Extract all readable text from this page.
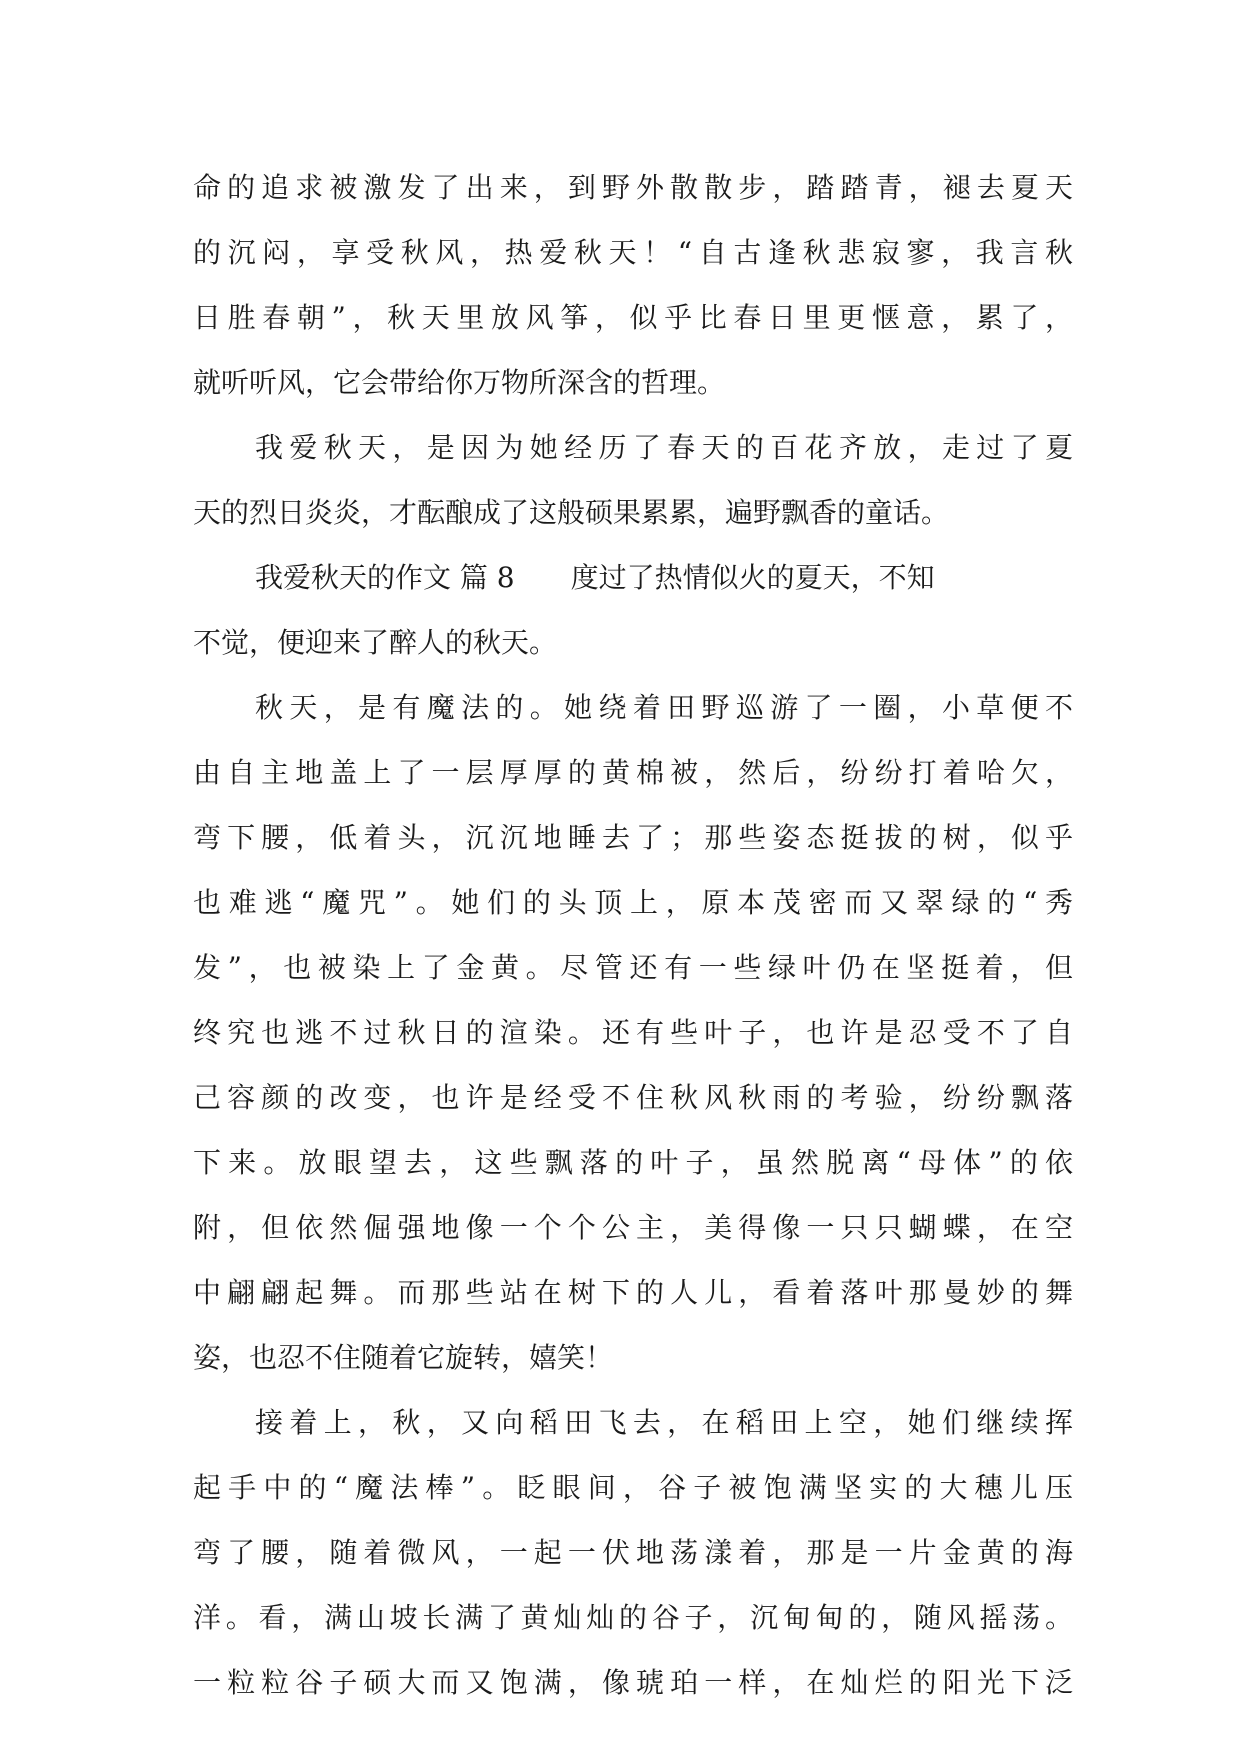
命的追求被激发了出来，到野外散散步，踏踏青，褪去夏天
的沉闷，享受秋风，热爱秋天！“自古逢秋悲寂寥，我言秋
日胜春朝”，秋天里放风筝，似乎比春日里更惬意，累了，
就听听风，它会带给你万物所深含的哲理。
我爱秋天，是因为她经历了春天的百花齐放，走过了夏
天的烈日炎炎，才酝酿成了这般硕果累累，遍野飘香的童话。
我爱秋天的作文 篇 8 度过了热情似火的夏天，不知
不觉，便迎来了醉人的秋天。
秋天，是有魔法的。她绕着田野巡游了一圈，小草便不
由自主地盖上了一层厚厚的黄棉被，然后，纷纷打着哈欠，
弯下腰，低着头，沉沉地睡去了；那些姿态挺拔的树，似乎
也难逃“魔咒”。她们的头顶上，原本茂密而又翠绿的“秀
发”，也被染上了金黄。尽管还有一些绿叶仍在坚挺着，但
终究也逃不过秋日的渲染。还有些叶子，也许是忍受不了自
己容颜的改变，也许是经受不住秋风秋雨的考验，纷纷飘落
下来。放眼望去，这些飘落的叶子，虽然脱离“母体”的依
附，但依然倔强地像一个个公主，美得像一只只蝴蝶，在空
中翩翩起舞。而那些站在树下的人儿，看着落叶那曼妙的舞
姿，也忍不住随着它旋转，嬉笑！
接着上，秋，又向稻田飞去，在稻田上空，她们继续挥
起手中的“魔法棒”。眨眼间，谷子被饱满坚实的大穗儿压
弯了腰，随着微风，一起一伏地荡漾着，那是一片金黄的海
洋。看，满山坡长满了黄灿灿的谷子，沉甸甸的，随风摇荡。
一粒粒谷子硕大而又饱满，像琥珀一样，在灿烂的阳光下泛
